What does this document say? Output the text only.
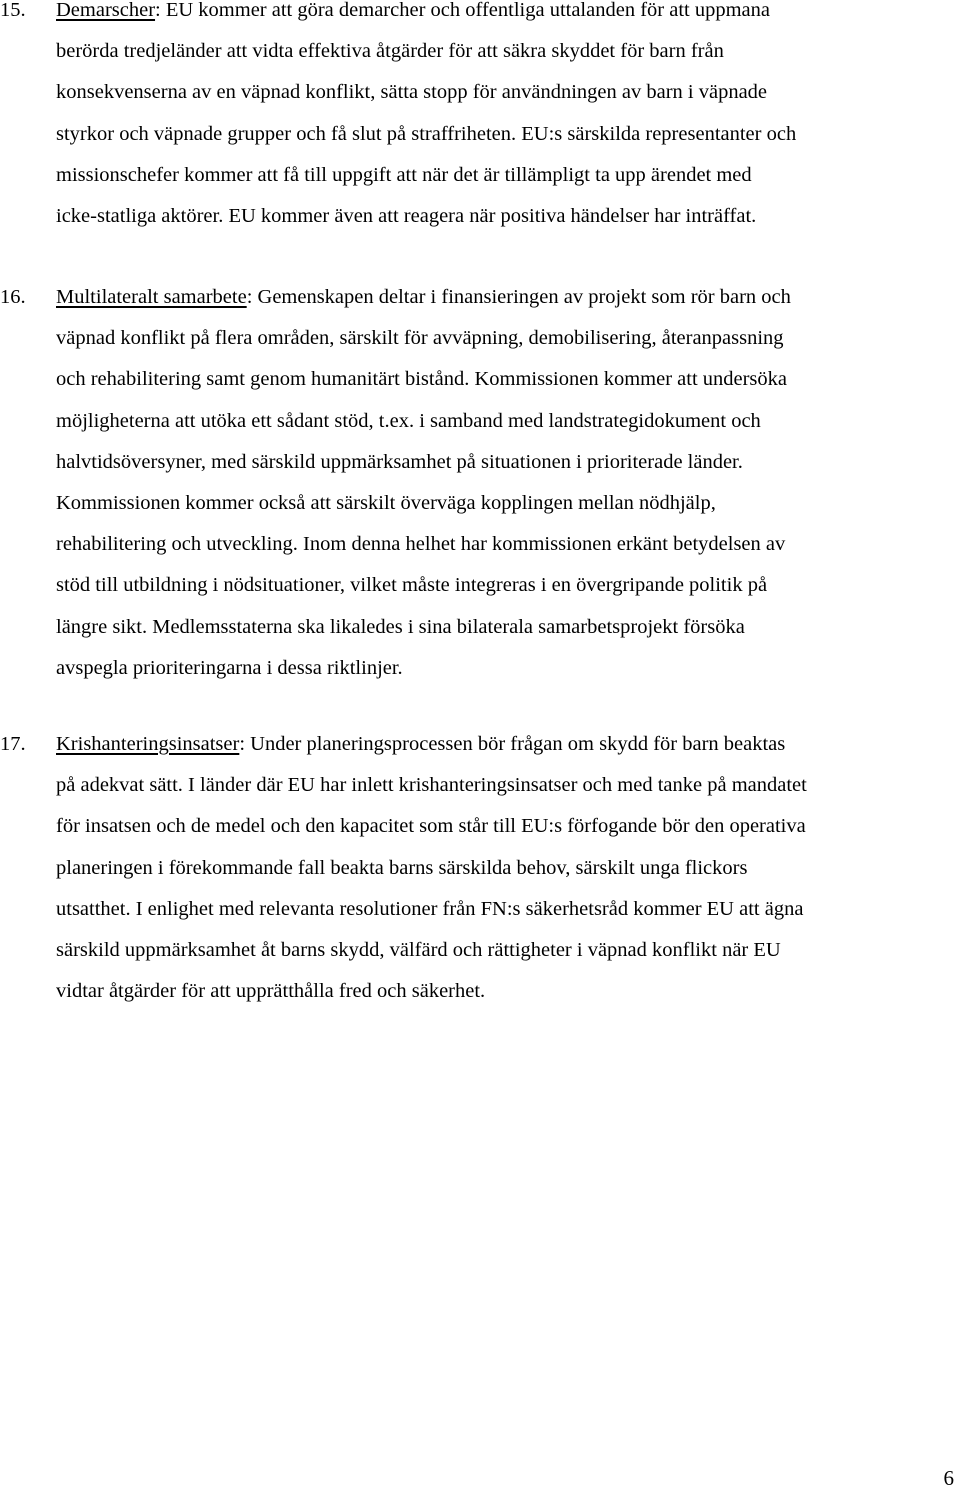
15. Demarscher: EU kommer att göra demarcher och offentliga uttalanden för att uppmana
berörda tredjeländer att vidta effektiva åtgärder för att säkra skyddet för barn från
konsekvenserna av en väpnad konflikt, sätta stopp för användningen av barn i väpnade
styrkor och väpnade grupper och få slut på straffriheten. EU:s särskilda representanter och
missionschefer kommer att få till uppgift att när det är tillämpligt ta upp ärendet med
icke-statliga aktörer. EU kommer även att reagera när positiva händelser har inträffat.
16. Multilateralt samarbete: Gemenskapen deltar i finansieringen av projekt som rör barn och
väpnad konflikt på flera områden, särskilt för avväpning, demobilisering, återanpassning
och rehabilitering samt genom humanitärt bistånd. Kommissionen kommer att undersöka
möjligheterna att utöka ett sådant stöd, t.ex. i samband med landstrategidokument och
halvtidsöversyner, med särskild uppmärksamhet på situationen i prioriterade länder.
Kommissionen kommer också att särskilt överväga kopplingen mellan nödhjälp,
rehabilitering och utveckling. Inom denna helhet har kommissionen erkänt betydelsen av
stöd till utbildning i nödsituationer, vilket måste integreras i en övergripande politik på
längre sikt. Medlemsstaterna ska likaledes i sina bilaterala samarbetsprojekt försöka
avspegla prioriteringarna i dessa riktlinjer.
17. Krishanteringsinsatser: Under planeringsprocessen bör frågan om skydd för barn beaktas
på adekvat sätt. I länder där EU har inlett krishanteringsinsatser och med tanke på mandatet
för insatsen och de medel och den kapacitet som står till EU:s förfogande bör den operativa
planeringen i förekommande fall beakta barns särskilda behov, särskilt unga flickors
utsatthet. I enlighet med relevanta resolutioner från FN:s säkerhetsråd kommer EU att ägna
särskild uppmärksamhet åt barns skydd, välfärd och rättigheter i väpnad konflikt när EU
vidtar åtgärder för att upprätthålla fred och säkerhet.
6
